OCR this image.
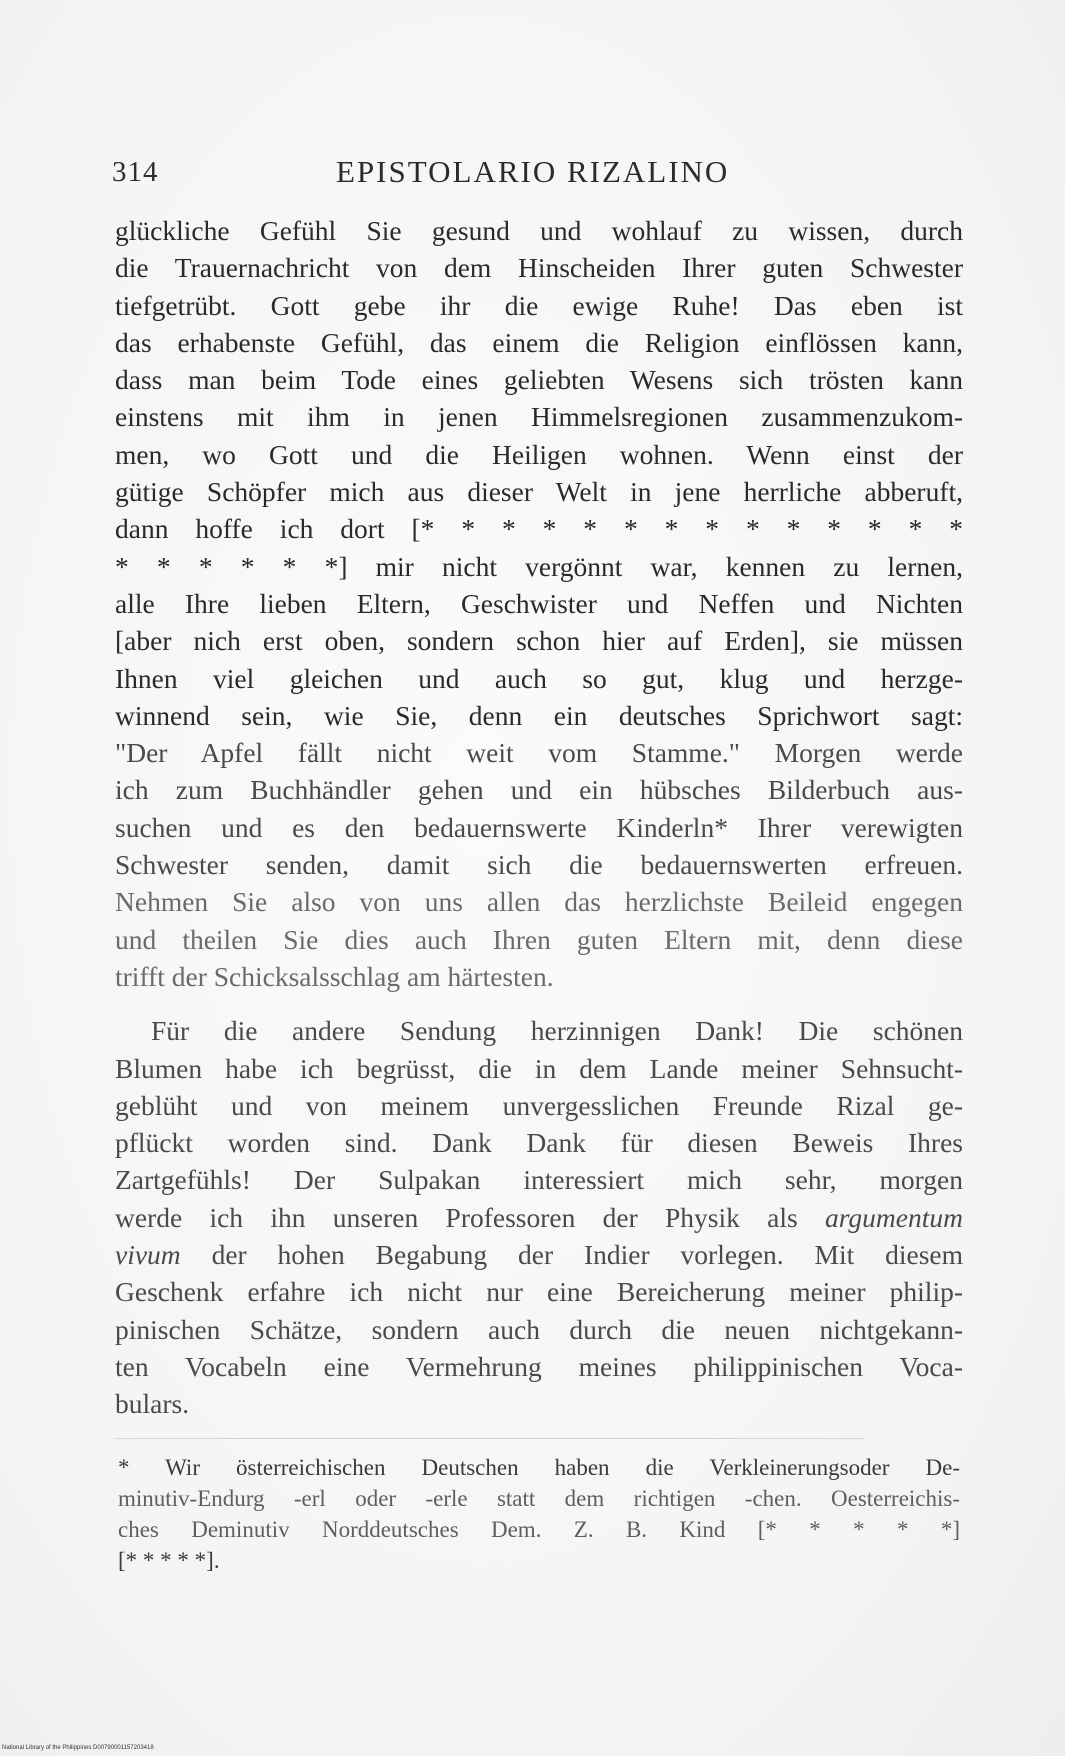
314	EPISTOLARIO RIZALINO
glückliche Gefühl Sie gesund und wohlauf zu wissen, durch
die Trauernachricht von dem Hinscheiden Ihrer guten Schwester
tiefgetrübt. Gott gebe ihr die ewige Ruhe! Das eben ist
das erhabenste Gefühl, das einem die Religion einflössen kann,
dass man beim Tode eines geliebten Wesens sich trösten kann
einstens mit ihm in jenen Himmelsregionen zusammenzukom-
men, wo Gott und die Heiligen wohnen. Wenn einst der
gütige Schöpfer mich aus dieser Welt in jene herrliche abberuft,
dann hoffe ich dort [* * * * * * * * * * * * * *
* * * * * *] mir nicht vergönnt war, kennen zu lernen,
alle Ihre lieben Eltern, Geschwister und Neffen und Nichten
[aber nich erst oben, sondern schon hier auf Erden], sie müssen
Ihnen viel gleichen und auch so gut, klug und herzge-
winnend sein, wie Sie, denn ein deutsches Sprichwort sagt:
"Der Apfel fällt nicht weit vom Stamme." Morgen werde
ich zum Buchhändler gehen und ein hübsches Bilderbuch aus-
suchen und es den bedauernswerte Kinderln* Ihrer verewigten
Schwester senden, damit sich die bedauernswerten erfreuen.
Nehmen Sie also von uns allen das herzlichste Beileid engegen
und theilen Sie dies auch Ihren guten Eltern mit, denn diese
trifft der Schicksalsschlag am härtesten.
Für die andere Sendung herzinnigen Dank! Die schönen
Blumen habe ich begrüsst, die in dem Lande meiner Sehnsucht-
geblüht und von meinem unvergesslichen Freunde Rizal ge-
pflückt worden sind. Dank Dank für diesen Beweis Ihres
Zartgefühls! Der Sulpakan interessiert mich sehr, morgen
werde ich ihn unseren Professoren der Physik als argumentum
vivum der hohen Begabung der Indier vorlegen. Mit diesem
Geschenk erfahre ich nicht nur eine Bereicherung meiner philip-
pinischen Schätze, sondern auch durch die neuen nichtgekann-
ten Vocabeln eine Vermehrung meines philippinischen Voca-
bulars.
* Wir österreichischen Deutschen haben die Verkleinerungsoder De-
minutiv-Endurg -erl oder -erle statt dem richtigen -chen. Oesterreichis-
ches Deminutiv Norddeutsches Dem. Z. B. Kind [* * * * *]
[* * * * *].
National Library of the Philippines D00790001157203418
